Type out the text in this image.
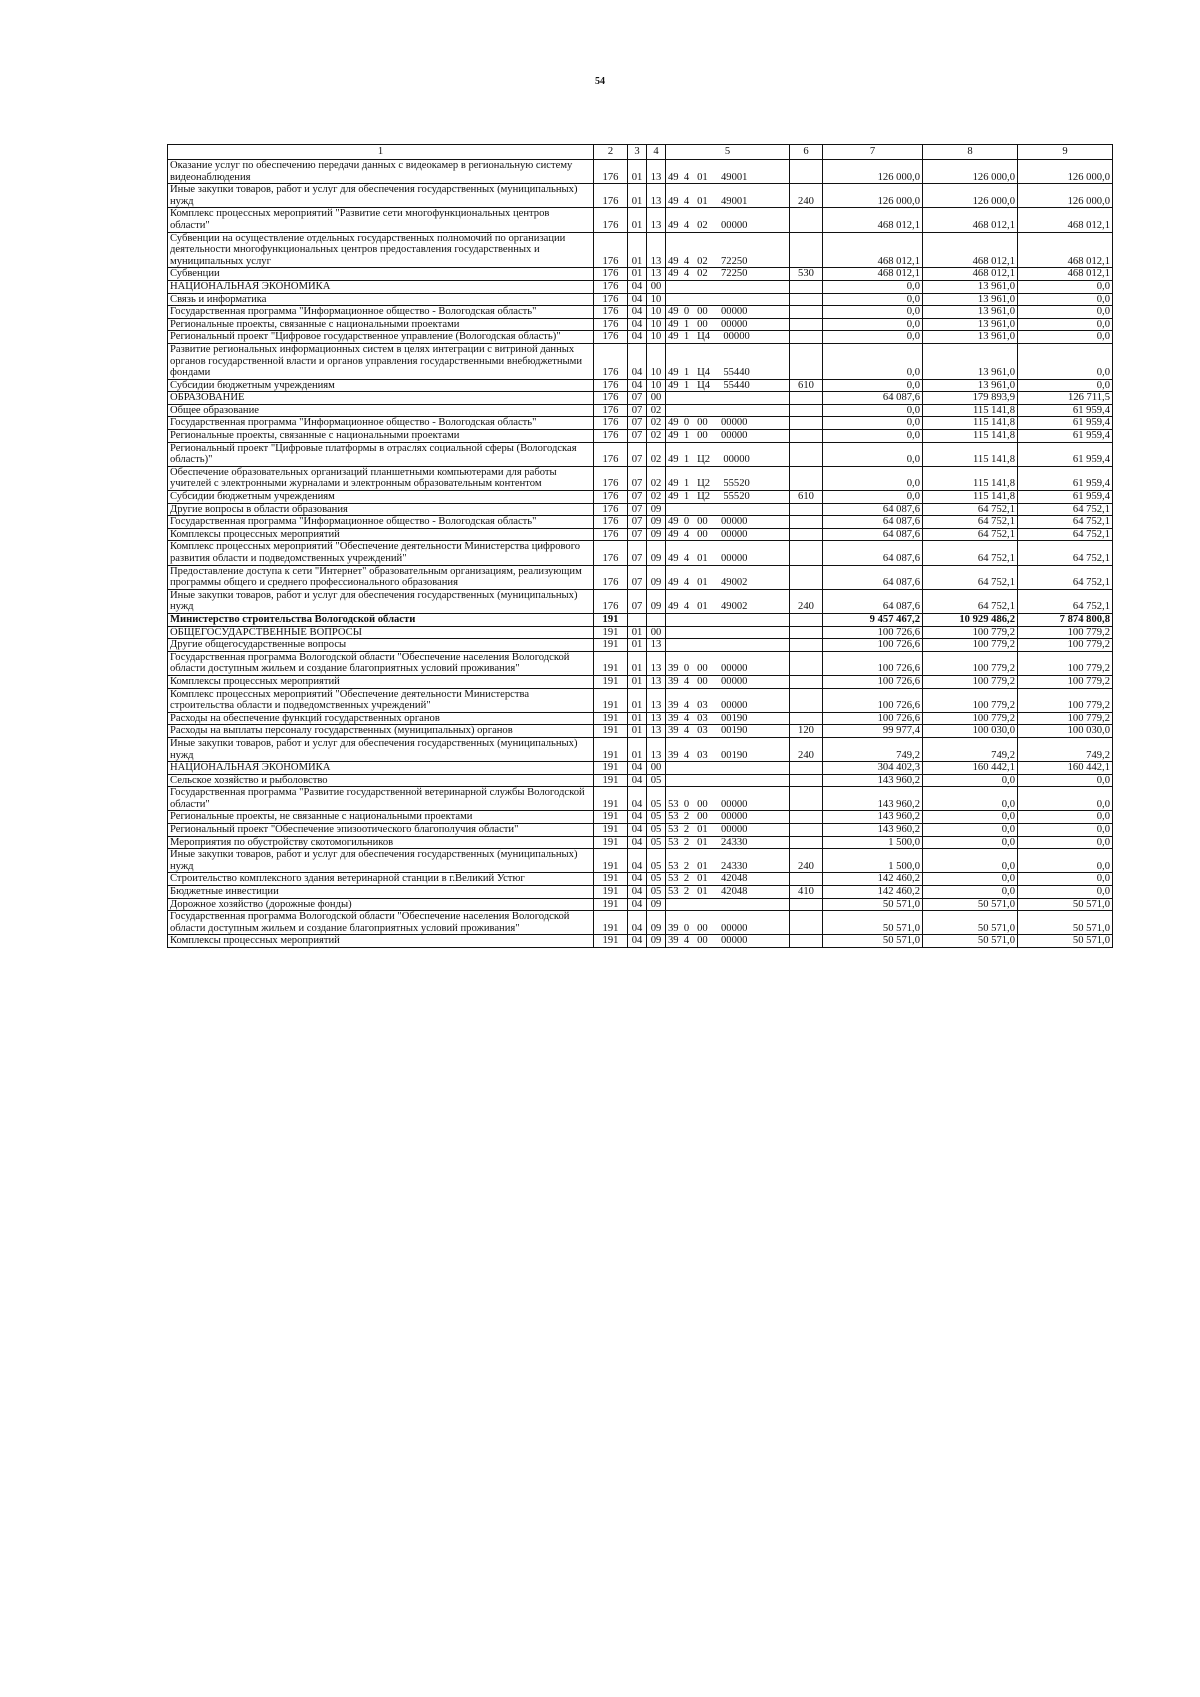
54
1	2	3	4	5	6	7	8	9
Оказание услуг по обеспечению передачи данных с видеокамер в региональную систему видеонаблюдения	176	01	13	49  4   01     49001		126 000,0	126 000,0	126 000,0
Иные закупки товаров, работ и услуг для обеспечения государственных (муниципальных) нужд	176	01	13	49  4   01     49001	240	126 000,0	126 000,0	126 000,0
Комплекс процессных мероприятий "Развитие сети многофункциональных центров области"	176	01	13	49  4   02     00000		468 012,1	468 012,1	468 012,1
Субвенции на осуществление отдельных государственных полномочий по организации деятельности многофункциональных центров предоставления государственных и муниципальных услуг	176	01	13	49  4   02     72250		468 012,1	468 012,1	468 012,1
Субвенции	176	01	13	49  4   02     72250	530	468 012,1	468 012,1	468 012,1
НАЦИОНАЛЬНАЯ ЭКОНОМИКА	176	04	00			0,0	13 961,0	0,0
Связь и информатика	176	04	10			0,0	13 961,0	0,0
Государственная программа "Информационное общество - Вологодская область"	176	04	10	49  0   00     00000		0,0	13 961,0	0,0
Региональные проекты, связанные с национальными проектами	176	04	10	49  1   00     00000		0,0	13 961,0	0,0
Региональный проект "Цифровое государственное управление (Вологодская область)"	176	04	10	49  1   Ц4     00000		0,0	13 961,0	0,0
Развитие региональных информационных систем в целях интеграции с витриной данных органов государственной власти и органов управления государственными внебюджетными фондами	176	04	10	49  1   Ц4     55440		0,0	13 961,0	0,0
Субсидии бюджетным учреждениям	176	04	10	49  1   Ц4     55440	610	0,0	13 961,0	0,0
ОБРАЗОВАНИЕ	176	07	00			64 087,6	179 893,9	126 711,5
Общее образование	176	07	02			0,0	115 141,8	61 959,4
Государственная программа "Информационное общество - Вологодская область"	176	07	02	49  0   00     00000		0,0	115 141,8	61 959,4
Региональные проекты, связанные с национальными проектами	176	07	02	49  1   00     00000		0,0	115 141,8	61 959,4
Региональный проект "Цифровые платформы в отраслях социальной сферы (Вологодская область)"	176	07	02	49  1   Ц2     00000		0,0	115 141,8	61 959,4
Обеспечение образовательных организаций планшетными компьютерами для работы учителей с электронными журналами и электронным образовательным контентом	176	07	02	49  1   Ц2     55520		0,0	115 141,8	61 959,4
Субсидии бюджетным учреждениям	176	07	02	49  1   Ц2     55520	610	0,0	115 141,8	61 959,4
Другие вопросы в области образования	176	07	09			64 087,6	64 752,1	64 752,1
Государственная программа "Информационное общество - Вологодская область"	176	07	09	49  0   00     00000		64 087,6	64 752,1	64 752,1
Комплексы процессных мероприятий	176	07	09	49  4   00     00000		64 087,6	64 752,1	64 752,1
Комплекс процессных мероприятий "Обеспечение деятельности Министерства цифрового развития области и подведомственных учреждений"	176	07	09	49  4   01     00000		64 087,6	64 752,1	64 752,1
Предоставление доступа к сети "Интернет" образовательным организациям, реализующим программы общего и среднего профессионального образования	176	07	09	49  4   01     49002		64 087,6	64 752,1	64 752,1
Иные закупки товаров, работ и услуг для обеспечения государственных (муниципальных) нужд	176	07	09	49  4   01     49002	240	64 087,6	64 752,1	64 752,1
Министерство строительства Вологодской области	191					9 457 467,2	10 929 486,2	7 874 800,8
ОБЩЕГОСУДАРСТВЕННЫЕ ВОПРОСЫ	191	01	00			100 726,6	100 779,2	100 779,2
Другие общегосударственные вопросы	191	01	13			100 726,6	100 779,2	100 779,2
Государственная программа Вологодской области "Обеспечение населения Вологодской области доступным жильем и создание благоприятных условий проживания"	191	01	13	39  0   00     00000		100 726,6	100 779,2	100 779,2
Комплексы процессных мероприятий	191	01	13	39  4   00     00000		100 726,6	100 779,2	100 779,2
Комплекс процессных мероприятий "Обеспечение деятельности Министерства строительства области и подведомственных учреждений"	191	01	13	39  4   03     00000		100 726,6	100 779,2	100 779,2
Расходы на обеспечение функций государственных органов	191	01	13	39  4   03     00190		100 726,6	100 779,2	100 779,2
Расходы на выплаты персоналу государственных (муниципальных) органов	191	01	13	39  4   03     00190	120	99 977,4	100 030,0	100 030,0
Иные закупки товаров, работ и услуг для обеспечения государственных (муниципальных) нужд	191	01	13	39  4   03     00190	240	749,2	749,2	749,2
НАЦИОНАЛЬНАЯ ЭКОНОМИКА	191	04	00			304 402,3	160 442,1	160 442,1
Сельское хозяйство и рыболовство	191	04	05			143 960,2	0,0	0,0
Государственная программа "Развитие государственной ветеринарной службы Вологодской области"	191	04	05	53  0   00     00000		143 960,2	0,0	0,0
Региональные проекты, не связанные с национальными проектами	191	04	05	53  2   00     00000		143 960,2	0,0	0,0
Региональный проект "Обеспечение эпизоотического благополучия области"	191	04	05	53  2   01     00000		143 960,2	0,0	0,0
Мероприятия по обустройству скотомогильников	191	04	05	53  2   01     24330		1 500,0	0,0	0,0
Иные закупки товаров, работ и услуг для обеспечения государственных (муниципальных) нужд	191	04	05	53  2   01     24330	240	1 500,0	0,0	0,0
Строительство комплексного здания ветеринарной станции в г.Великий Устюг	191	04	05	53  2   01     42048		142 460,2	0,0	0,0
Бюджетные инвестиции	191	04	05	53  2   01     42048	410	142 460,2	0,0	0,0
Дорожное хозяйство (дорожные фонды)	191	04	09			50 571,0	50 571,0	50 571,0
Государственная программа Вологодской области "Обеспечение населения Вологодской области доступным жильем и создание благоприятных условий проживания"	191	04	09	39  0   00     00000		50 571,0	50 571,0	50 571,0
Комплексы процессных мероприятий	191	04	09	39  4   00     00000		50 571,0	50 571,0	50 571,0
